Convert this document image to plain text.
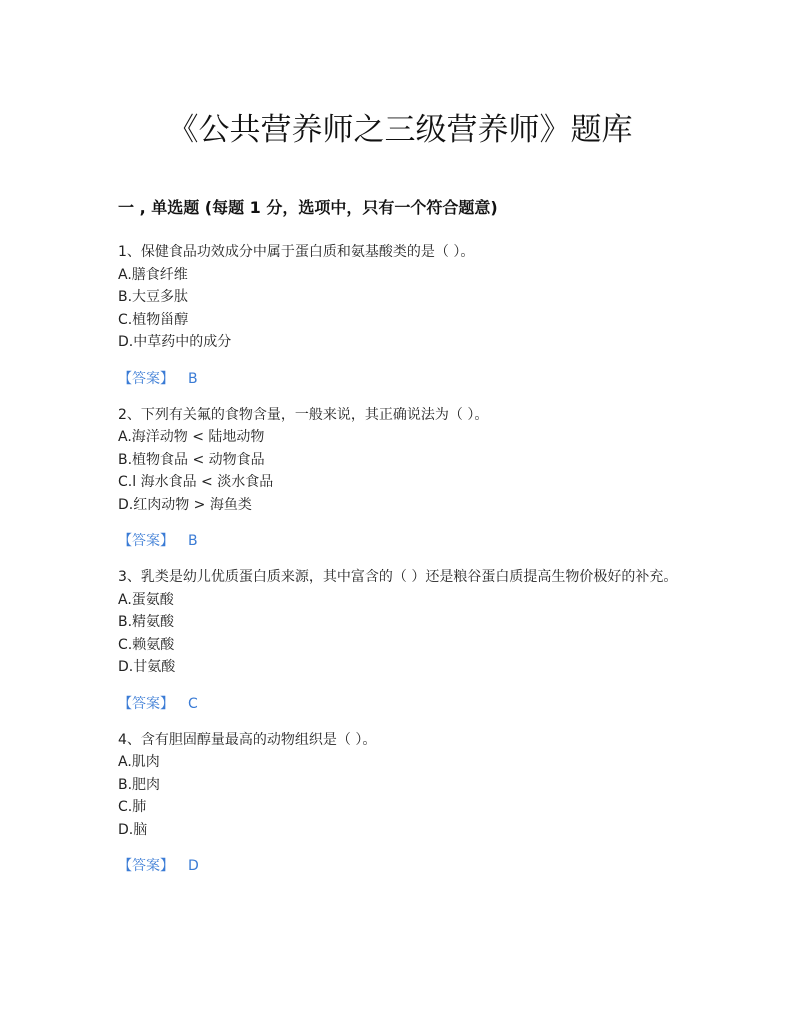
《公共营养师之三级营养师》题库
一 , 单选题 (每题 1 分，选项中，只有一个符合题意)
1、保健食品功效成分中属于蛋白质和氨基酸类的是（ ）。
A.膳食纤维
B.大豆多肽
C.植物甾醇
D.中草药中的成分
【答案】 B
2、下列有关氟的食物含量，一般来说，其正确说法为（ ）。
A.海洋动物 < 陆地动物
B.植物食品 < 动物食品
C.l 海水食品 < 淡水食品
D.红肉动物 > 海鱼类
【答案】 B
3、乳类是幼儿优质蛋白质来源，其中富含的（ ）还是粮谷蛋白质提高生物价极好的补充。
A.蛋氨酸
B.精氨酸
C.赖氨酸
D.甘氨酸
【答案】 C
4、含有胆固醇量最高的动物组织是（ ）。
A.肌肉
B.肥肉
C.肺
D.脑
【答案】 D
